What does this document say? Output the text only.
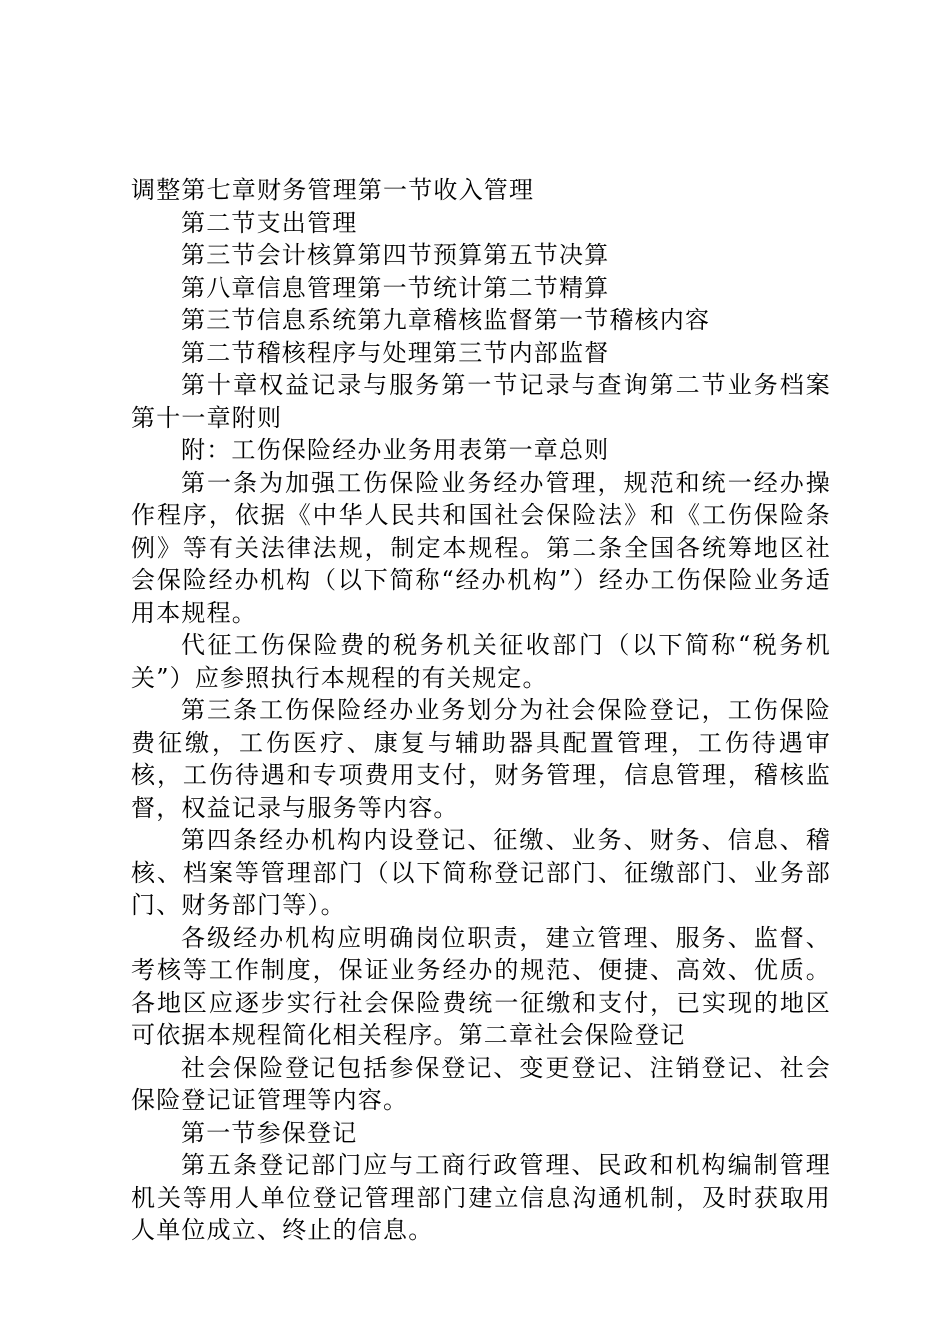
调整第七章财务管理第一节收入管理

第二节支出管理

第三节会计核算第四节预算第五节决算

第八章信息管理第一节统计第二节精算

第三节信息系统第九章稽核监督第一节稽核内容

第二节稽核程序与处理第三节内部监督

第十章权益记录与服务第一节记录与查询第二节业务档案第十一章附则

附：工伤保险经办业务用表第一章总则

第一条为加强工伤保险业务经办管理，规范和统一经办操作程序，依据《中华人民共和国社会保险法》和《工伤保险条例》等有关法律法规，制定本规程。第二条全国各统筹地区社会保险经办机构（以下简称“经办机构”）经办工伤保险业务适用本规程。

代征工伤保险费的税务机关征收部门（以下简称“税务机关”）应参照执行本规程的有关规定。

第三条工伤保险经办业务划分为社会保险登记，工伤保险费征缴，工伤医疗、康复与辅助器具配置管理，工伤待遇审核，工伤待遇和专项费用支付，财务管理，信息管理，稽核监督，权益记录与服务等内容。

第四条经办机构内设登记、征缴、业务、财务、信息、稽核、档案等管理部门（以下简称登记部门、征缴部门、业务部门、财务部门等）。

各级经办机构应明确岗位职责，建立管理、服务、监督、考核等工作制度，保证业务经办的规范、便捷、高效、优质。各地区应逐步实行社会保险费统一征缴和支付，已实现的地区可依据本规程简化相关程序。第二章社会保险登记

社会保险登记包括参保登记、变更登记、注销登记、社会保险登记证管理等内容。

第一节参保登记

第五条登记部门应与工商行政管理、民政和机构编制管理机关等用人单位登记管理部门建立信息沟通机制，及时获取用人单位成立、终止的信息。
